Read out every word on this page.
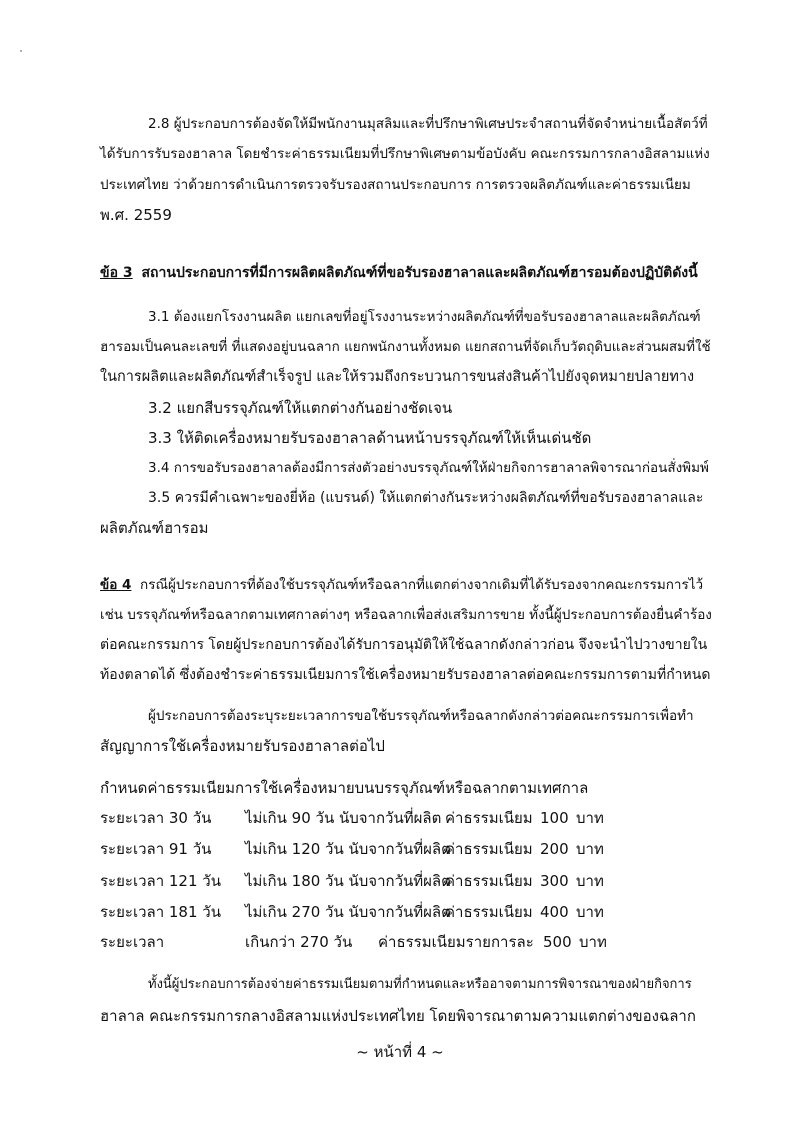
2.8 ผู้ประกอบการต้องจัดให้มีพนักงานมุสลิมและที่ปรึกษาพิเศษประจำสถานที่จัดจำหน่ายเนื้อสัตว์ที่
ได้รับการรับรองฮาลาล โดยชำระค่าธรรมเนียมที่ปรึกษาพิเศษตามข้อบังคับ คณะกรรมการกลางอิสลามแห่ง
ประเทศไทย ว่าด้วยการดำเนินการตรวจรับรองสถานประกอบการ การตรวจผลิตภัณฑ์และค่าธรรมเนียม
พ.ศ. 2559
ข้อ 3 สถานประกอบการที่มีการผลิตผลิตภัณฑ์ที่ขอรับรองฮาลาลและผลิตภัณฑ์ฮารอมต้องปฏิบัติดังนี้
3.1 ต้องแยกโรงงานผลิต แยกเลขที่อยู่โรงงานระหว่างผลิตภัณฑ์ที่ขอรับรองฮาลาลและผลิตภัณฑ์
ฮารอมเป็นคนละเลขที่ ที่แสดงอยู่บนฉลาก แยกพนักงานทั้งหมด แยกสถานที่จัดเก็บวัตถุดิบและส่วนผสมที่ใช้
ในการผลิตและผลิตภัณฑ์สำเร็จรูป และให้รวมถึงกระบวนการขนส่งสินค้าไปยังจุดหมายปลายทาง
3.2 แยกสีบรรจุภัณฑ์ให้แตกต่างกันอย่างชัดเจน
3.3 ให้ติดเครื่องหมายรับรองฮาลาลด้านหน้าบรรจุภัณฑ์ให้เห็นเด่นชัด
3.4 การขอรับรองฮาลาลต้องมีการส่งตัวอย่างบรรจุภัณฑ์ให้ฝ่ายกิจการฮาลาลพิจารณาก่อนสั่งพิมพ์
3.5 ควรมีคำเฉพาะของยี่ห้อ (แบรนด์) ให้แตกต่างกันระหว่างผลิตภัณฑ์ที่ขอรับรองฮาลาลและ
ผลิตภัณฑ์ฮารอม
ข้อ 4 กรณีผู้ประกอบการที่ต้องใช้บรรจุภัณฑ์หรือฉลากที่แตกต่างจากเดิมที่ได้รับรองจากคณะกรรมการไว้
เช่น บรรจุภัณฑ์หรือฉลากตามเทศกาลต่างๆ หรือฉลากเพื่อส่งเสริมการขาย ทั้งนี้ผู้ประกอบการต้องยื่นคำร้อง
ต่อคณะกรรมการ โดยผู้ประกอบการต้องได้รับการอนุมัติให้ใช้ฉลากดังกล่าวก่อน จึงจะนำไปวางขายใน
ท้องตลาดได้ ซึ่งต้องชำระค่าธรรมเนียมการใช้เครื่องหมายรับรองฮาลาลต่อคณะกรรมการตามที่กำหนด
ผู้ประกอบการต้องระบุระยะเวลาการขอใช้บรรจุภัณฑ์หรือฉลากดังกล่าวต่อคณะกรรมการเพื่อทำ
สัญญาการใช้เครื่องหมายรับรองฮาลาลต่อไป
กำหนดค่าธรรมเนียมการใช้เครื่องหมายบนบรรจุภัณฑ์หรือฉลากตามเทศกาล
ระยะเวลา 30 วัน ไม่เกิน 90 วัน นับจากวันที่ผลิต ค่าธรรมเนียม 100 บาท
ระยะเวลา 91 วัน ไม่เกิน 120 วัน นับจากวันที่ผลิต
ค่าธรรมเนียม 200 บาท
ระยะเวลา 121 วัน ไม่เกิน 180 วัน นับจากวันที่ผลิต
ค่าธรรมเนียม 300 บาท
ระยะเวลา 181 วัน ไม่เกิน 270 วัน นับจากวันที่ผลิต
ค่าธรรมเนียม 400 บาท
ระยะเวลา	เกินกว่า 270 วัน ค่าธรรมเนียมรายการละ 500 บาท
ทั้งนี้ผู้ประกอบการต้องจ่ายค่าธรรมเนียมตามที่กำหนดและหรืออาจตามการพิจารณาของฝ่ายกิจการ
ฮาลาล คณะกรรมการกลางอิสลามแห่งประเทศไทย โดยพิจารณาตามความแตกต่างของฉลาก
~ หน้าที่ 4 ~
